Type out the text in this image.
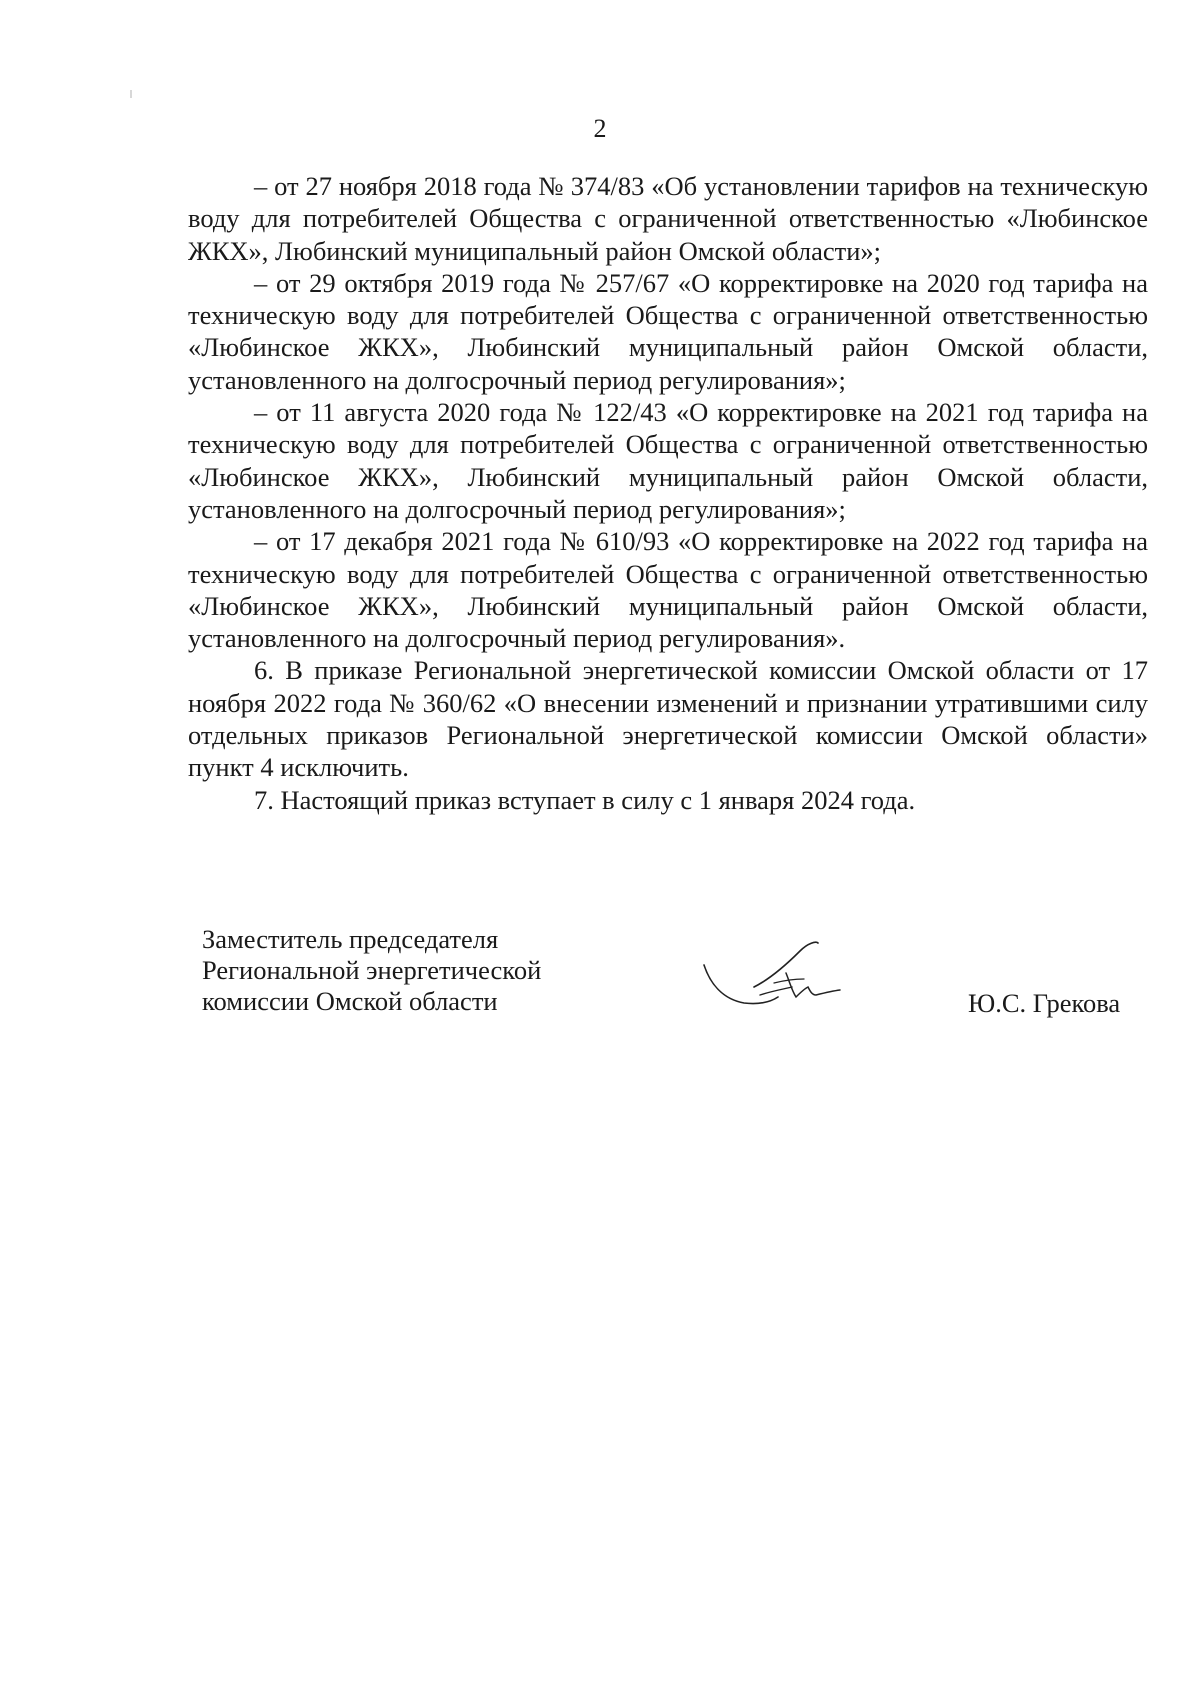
2

– от 27 ноября 2018 года № 374/83 «Об установлении тарифов на техническую воду для потребителей Общества с ограниченной ответственностью «Любинское ЖКХ», Любинский муниципальный район Омской области»;

– от 29 октября 2019 года № 257/67 «О корректировке на 2020 год тарифа на техническую воду для потребителей Общества с ограниченной ответственностью «Любинское ЖКХ», Любинский муниципальный район Омской области, установленного на долгосрочный период регулирования»;

– от 11 августа 2020 года № 122/43 «О корректировке на 2021 год тарифа на техническую воду для потребителей Общества с ограниченной ответственностью «Любинское ЖКХ», Любинский муниципальный район Омской области, установленного на долгосрочный период регулирования»;

– от 17 декабря 2021 года № 610/93 «О корректировке на 2022 год тарифа на техническую воду для потребителей Общества с ограниченной ответственностью «Любинское ЖКХ», Любинский муниципальный район Омской области, установленного на долгосрочный период регулирования».

6. В приказе Региональной энергетической комиссии Омской области от 17 ноября 2022 года № 360/62 «О внесении изменений и признании утратившими силу отдельных приказов Региональной энергетической комиссии Омской области» пункт 4 исключить.

7. Настоящий приказ вступает в силу с 1 января 2024 года.

Заместитель председателя
Региональной энергетической
комиссии Омской области	Ю.С. Грекова
